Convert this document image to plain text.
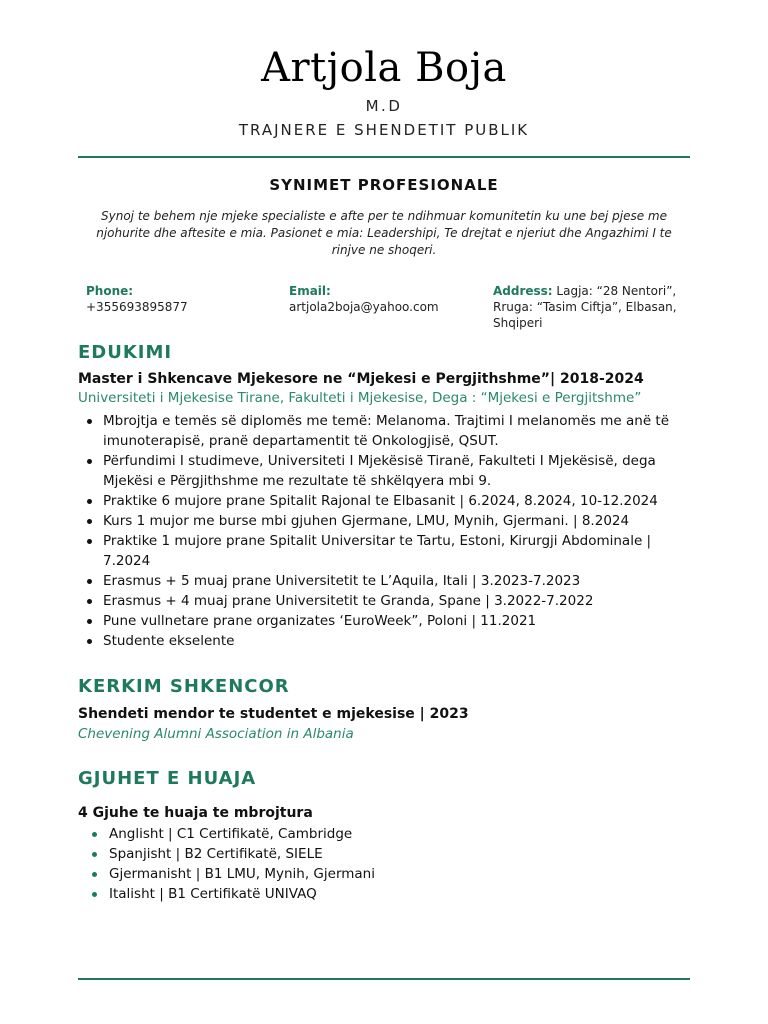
Artjola Boja
M.D
TRAJNERE E SHENDETIT PUBLIK
SYNIMET PROFESIONALE
Synoj te behem nje mjeke specialiste e afte per te ndihmuar komunitetin ku une bej pjese me njohurite dhe aftesite e mia. Pasionet e mia: Leadershipi, Te drejtat e njeriut dhe Angazhimi I te rinjve ne shoqeri.
Phone:
+355693895877
Email:
artjola2boja@yahoo.com
Address: Lagja: “28 Nentori”, Rruga: “Tasim Ciftja”, Elbasan, Shqiperi
EDUKIMI
Master i Shkencave Mjekesore ne “Mjekesi e Pergjithshme”| 2018-2024
Universiteti i Mjekesise Tirane, Fakulteti i Mjekesise, Dega : “Mjekesi e Pergjitshme”
Mbrojtja e temës së diplomës me temë: Melanoma. Trajtimi I melanomës me anë të imunoterapisë, pranë departamentit të Onkologjisë, QSUT.
Përfundimi I studimeve, Universiteti I Mjekësisë Tiranë, Fakulteti I Mjekësisë, dega Mjekësi e Përgjithshme me rezultate të shkëlqyera mbi 9.
Praktike 6 mujore prane Spitalit Rajonal te Elbasanit | 6.2024, 8.2024, 10-12.2024
Kurs 1 mujor me burse mbi gjuhen Gjermane, LMU, Mynih, Gjermani. | 8.2024
Praktike 1 mujore prane Spitalit Universitar te Tartu, Estoni, Kirurgji Abdominale | 7.2024
Erasmus + 5 muaj prane Universitetit te L’Aquila, Itali | 3.2023-7.2023
Erasmus + 4 muaj prane Universitetit te Granda, Spane | 3.2022-7.2022
Pune vullnetare prane organizates ‘EuroWeek”, Poloni | 11.2021
Studente ekselente
KERKIM SHKENCOR
Shendeti mendor te studentet e mjekesise | 2023
Chevening Alumni Association in Albania
GJUHET E HUAJA
4 Gjuhe te huaja te mbrojtura
Anglisht | C1 Certifikatë, Cambridge
Spanjisht | B2 Certifikatë, SIELE
Gjermanisht | B1 LMU, Mynih, Gjermani
Italisht | B1 Certifikatë UNIVAQ
